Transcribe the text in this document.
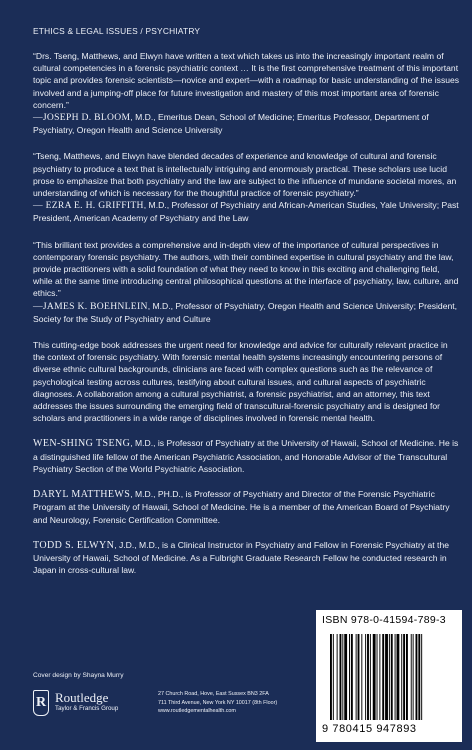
ETHICS & LEGAL ISSUES / PSYCHIATRY

“Drs. Tseng, Matthews, and Elwyn have written a text which takes us into the increasingly important realm of cultural competencies in a forensic psychiatric context … It is the first comprehensive treatment of this important topic and provides forensic scientists—novice and expert—with a roadmap for basic understanding of the issues involved and a jumping-off place for future investigation and mastery of this most important area of forensic concern.”

—JOSEPH D. BLOOM, M.D., Emeritus Dean, School of Medicine; Emeritus Professor, Department of Psychiatry, Oregon Health and Science University

“Tseng, Matthews, and Elwyn have blended decades of experience and knowledge of cultural and forensic psychiatry to produce a text that is intellectually intriguing and enormously practical. These scholars use lucid prose to emphasize that both psychiatry and the law are subject to the influence of mundane societal mores, an understanding of which is necessary for the thoughtful practice of forensic psychiatry.”

— EZRA E. H. GRIFFITH, M.D., Professor of Psychiatry and African-American Studies, Yale University; Past President, American Academy of Psychiatry and the Law

“This brilliant text provides a comprehensive and in-depth view of the importance of cultural perspectives in contemporary forensic psychiatry. The authors, with their combined expertise in cultural psychiatry and the law, provide practitioners with a solid foundation of what they need to know in this exciting and challenging field, while at the same time introducing central philosophical questions at the interface of psychiatry, law, culture, and ethics.”

—JAMES K. BOEHNLEIN, M.D., Professor of Psychiatry, Oregon Health and Science University; President, Society for the Study of Psychiatry and Culture

This cutting-edge book addresses the urgent need for knowledge and advice for culturally relevant practice in the context of forensic psychiatry. With forensic mental health systems increasingly encountering persons of diverse ethnic cultural backgrounds, clinicians are faced with complex questions such as the relevance of psychological testing across cultures, testifying about cultural issues, and cultural aspects of psychiatric diagnoses. A collaboration among a cultural psychiatrist, a forensic psychiatrist, and an attorney, this text addresses the issues surrounding the emerging field of transcultural-forensic psychiatry and is designed for scholars and practitioners in a wide range of disciplines involved in forensic mental health.

WEN-SHING TSENG, M.D., is Professor of Psychiatry at the University of Hawaii, School of Medicine. He is a distinguished life fellow of the American Psychiatric Association, and Honorable Advisor of the Transcultural Psychiatry Section of the World Psychiatric Association.

DARYL MATTHEWS, M.D., PH.D., is Professor of Psychiatry and Director of the Forensic Psychiatric Program at the University of Hawaii, School of Medicine. He is a member of the American Board of Psychiatry and Neurology, Forensic Certification Committee.

TODD S. ELWYN, J.D., M.D., is a Clinical Instructor in Psychiatry and Fellow in Forensic Psychiatry at the University of Hawaii, School of Medicine. As a Fulbright Graduate Research Fellow he conducted research in Japan in cross-cultural law.

Cover design by Shayna Murry
R Routledge
Taylor & Francis Group
27 Church Road, Hove, East Sussex BN3 2FA
711 Third Avenue, New York NY 10017 (8th Floor)
www.routledgementalhealth.com
ISBN 978-0-41594-789-3
9 780415 947893
